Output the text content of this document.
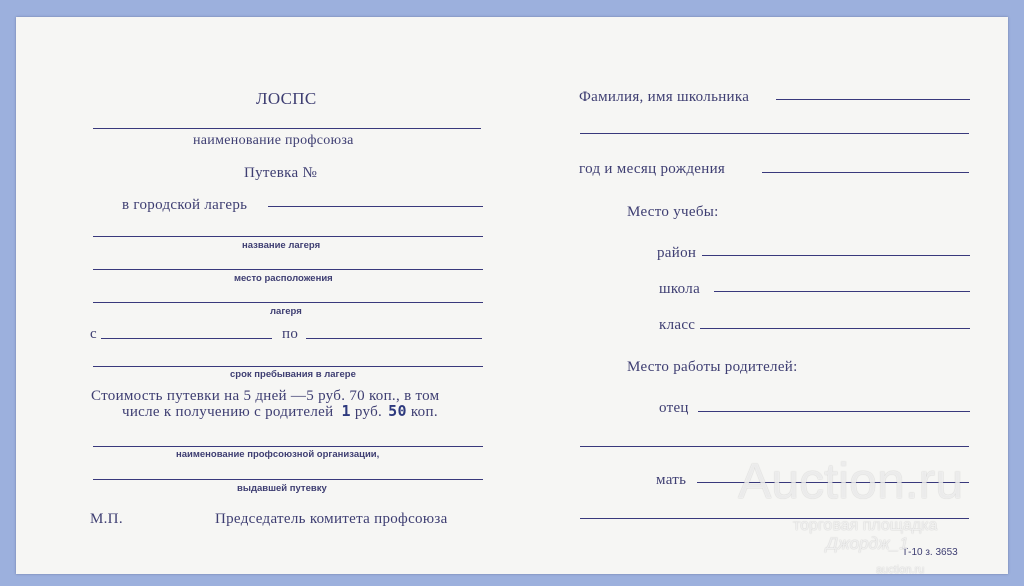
ЛОСПС
наименование профсоюза
Путевка №
в городской лагерь
название лагеря
место расположения
лагеря
с	по
срок пребывания в лагере
Стоимость путевки на 5 дней —5 руб. 70 коп., в том
числе к получению с родителей 1 руб. 50 коп.
наименование профсоюзной организации,
выдавшей путевку
М.П.	Председатель комитета профсоюза
Фамилия, имя школьника
год и месяц рождения
Место учебы:
район
школа
класс
Место работы родителей:
отец
мать
Т-10 з. 3653
Auction.ru
торговая площадка
Джордж_1
auction.ru
